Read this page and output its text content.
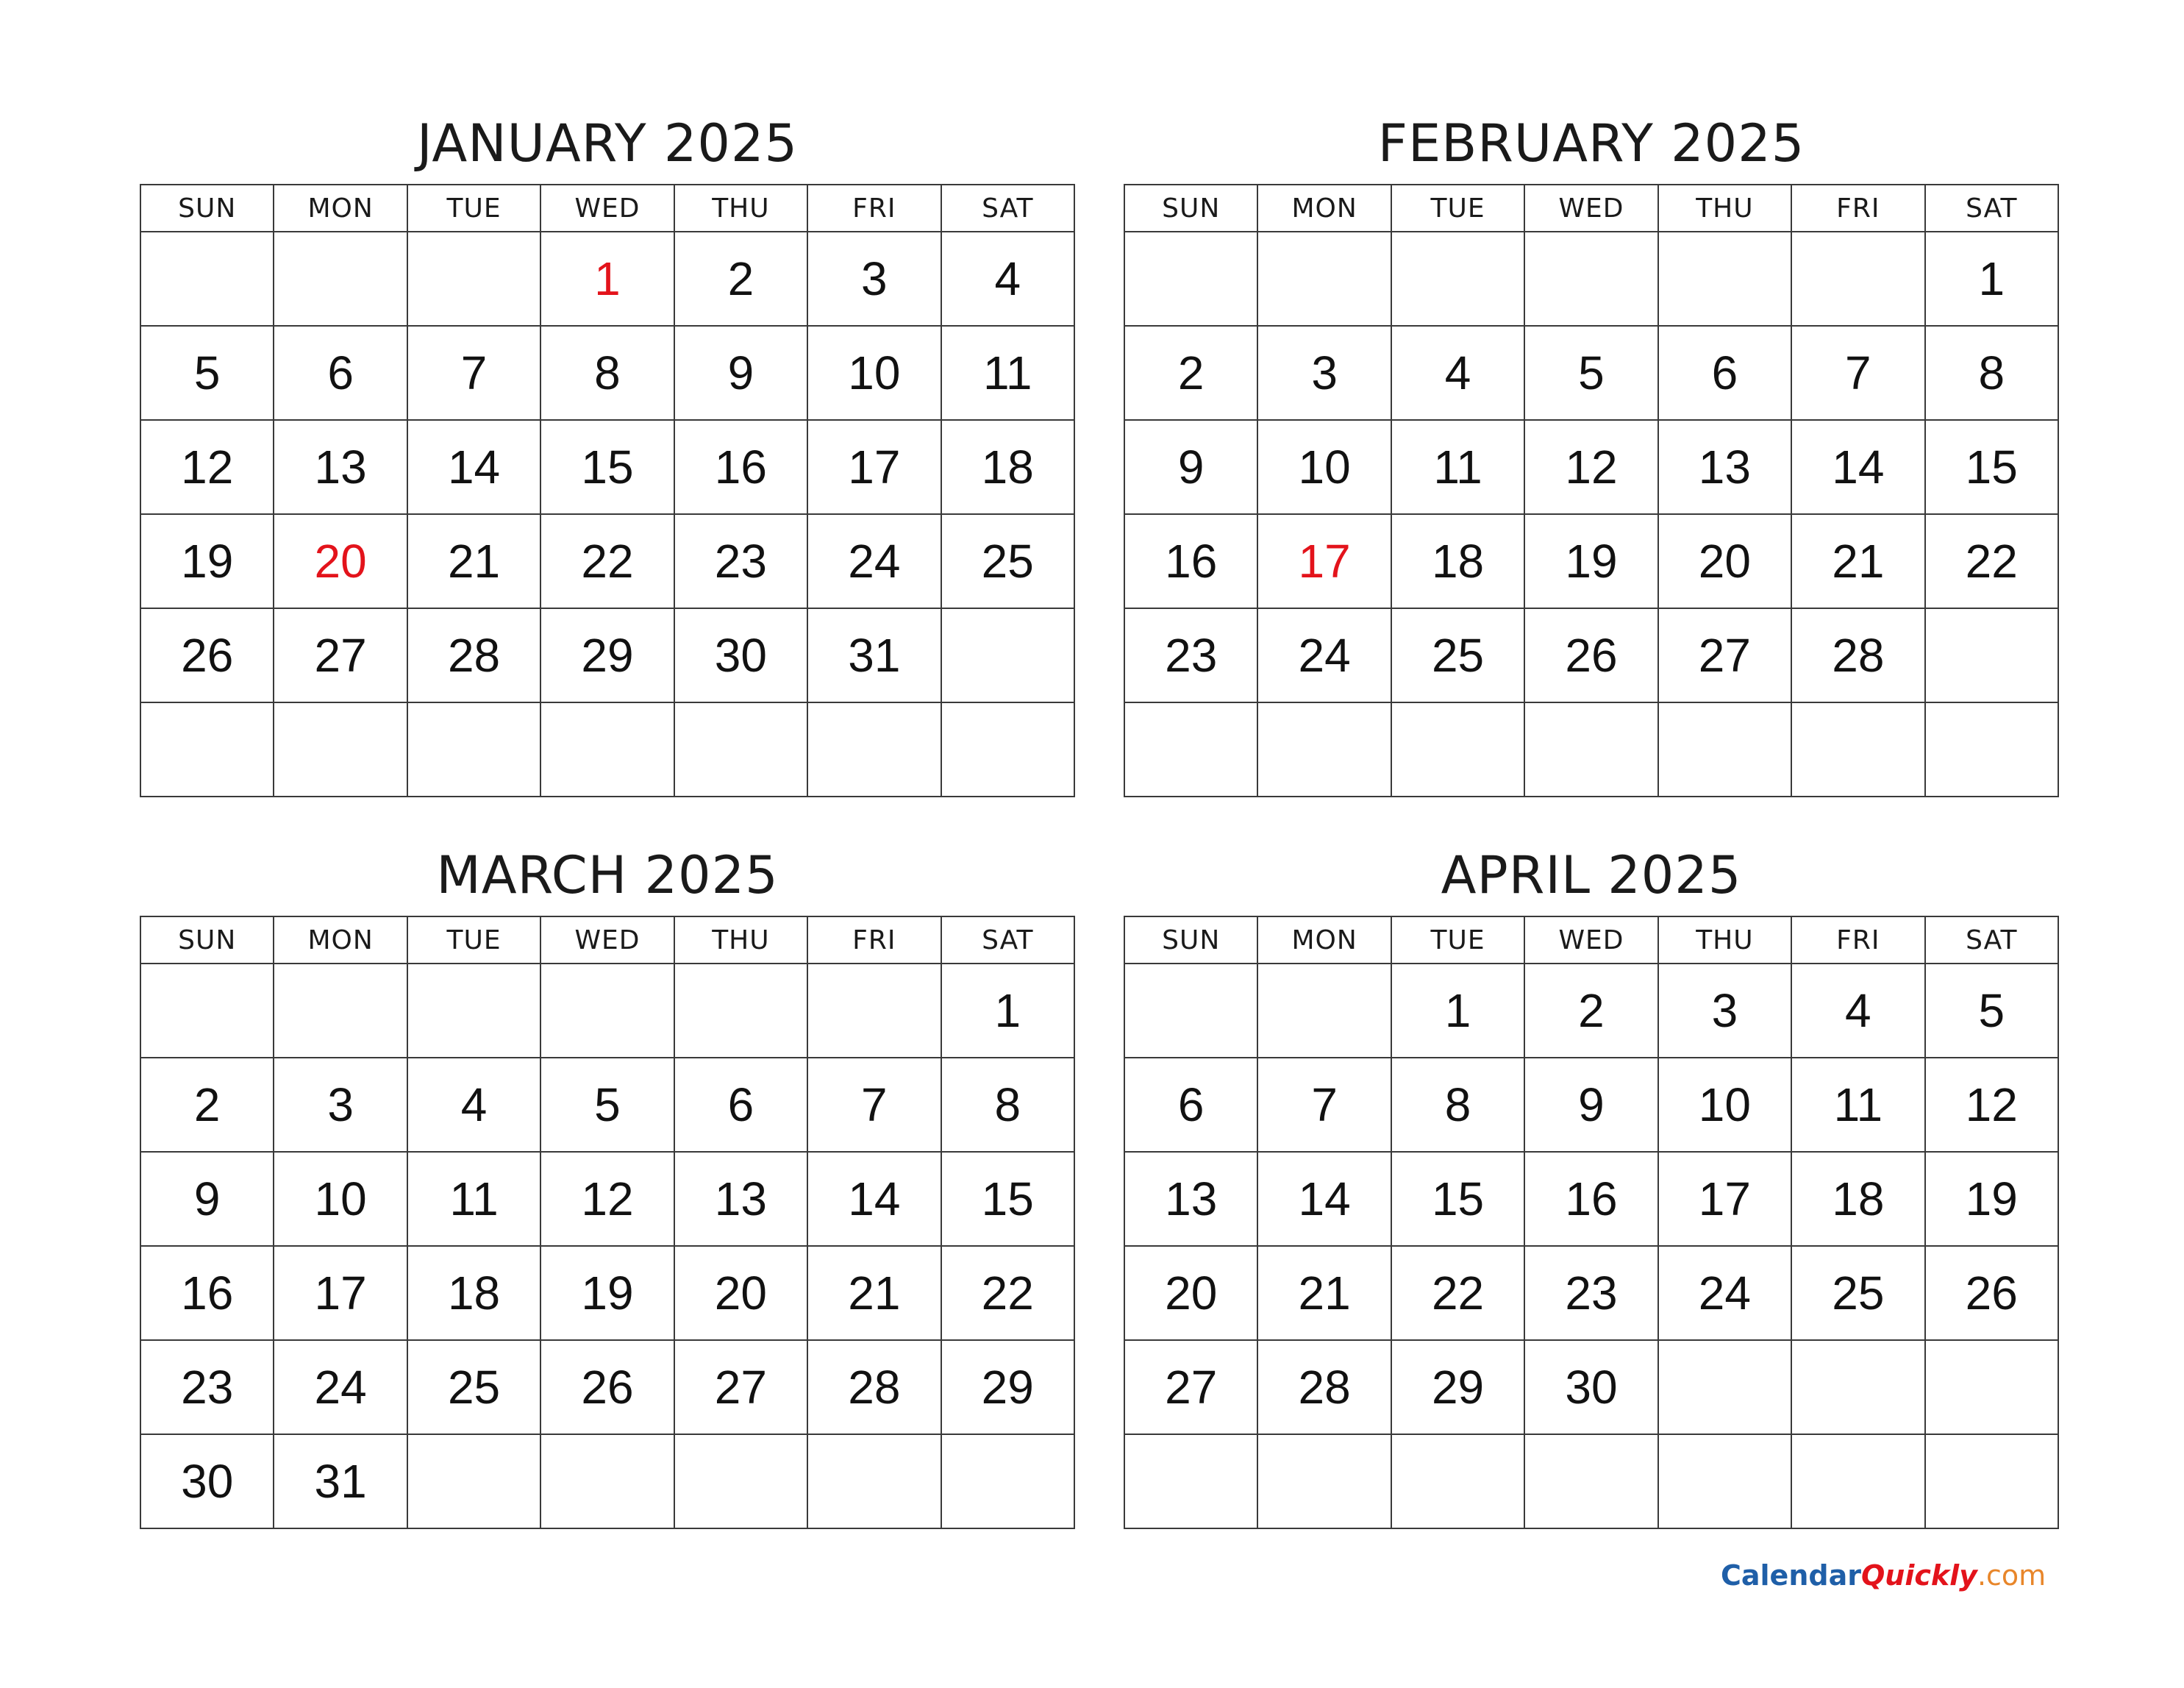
JANUARY 2025
SUN	MON	TUE	WED	THU	FRI	SAT
			1	2	3	4
5	6	7	8	9	10	11
12	13	14	15	16	17	18
19	20	21	22	23	24	25
26	27	28	29	30	31	

FEBRUARY 2025
SUN	MON	TUE	WED	THU	FRI	SAT
						1
2	3	4	5	6	7	8
9	10	11	12	13	14	15
16	17	18	19	20	21	22
23	24	25	26	27	28	

MARCH 2025
SUN	MON	TUE	WED	THU	FRI	SAT
						1
2	3	4	5	6	7	8
9	10	11	12	13	14	15
16	17	18	19	20	21	22
23	24	25	26	27	28	29
30	31					
APRIL 2025
SUN	MON	TUE	WED	THU	FRI	SAT
		1	2	3	4	5
6	7	8	9	10	11	12
13	14	15	16	17	18	19
20	21	22	23	24	25	26
27	28	29	30			

CalendarQuickly.com
